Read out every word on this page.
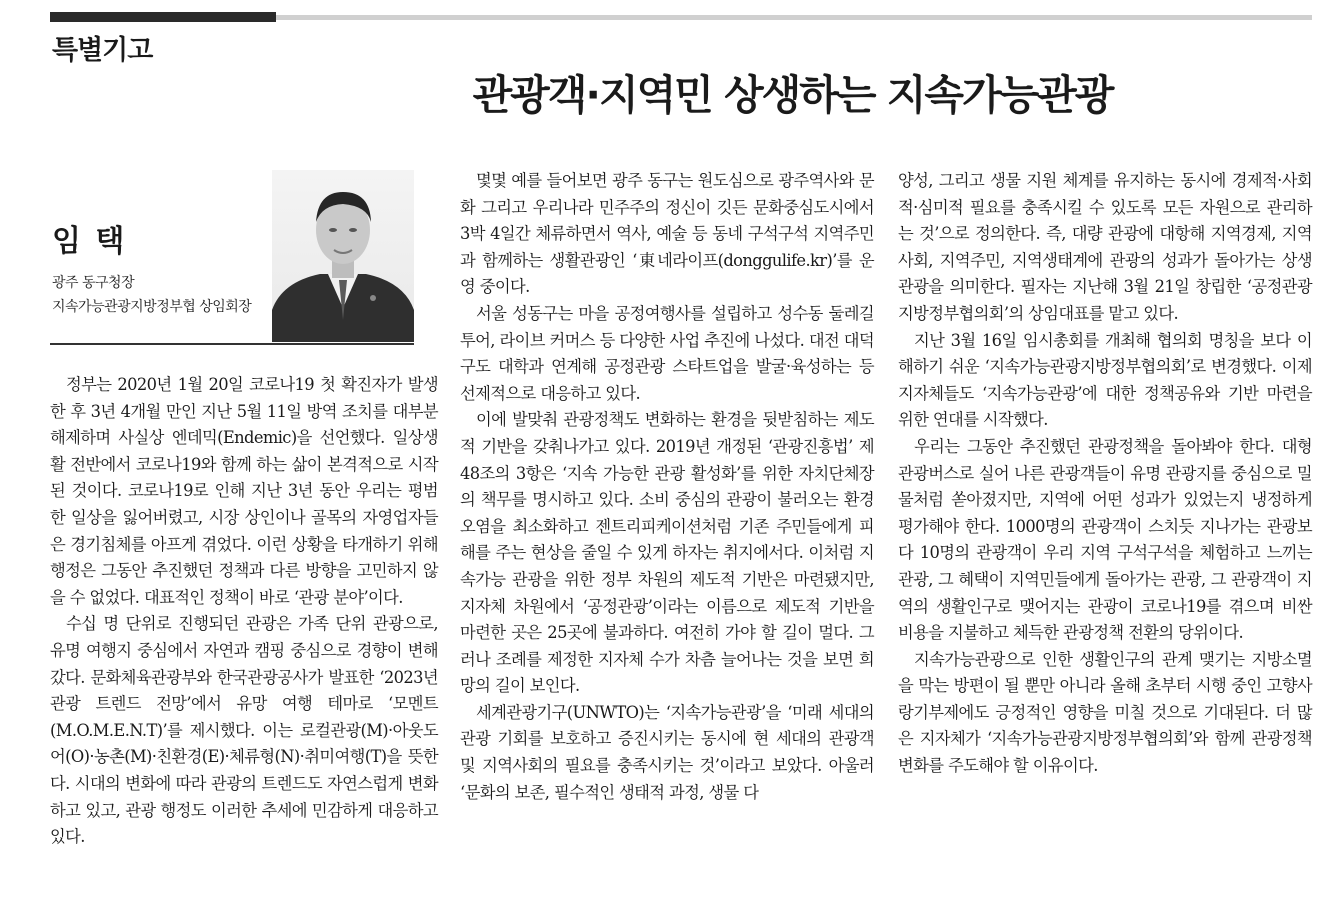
특별기고
관광객·지역민 상생하는 지속가능관광
임 택
광주 동구청장
지속가능관광지방정부협 상임회장

정부는 2020년 1월 20일 코로나19 첫 확진자가 발생한 후 3년 4개월 만인 지난 5월 11일 방역 조치를 대부분 해제하며 사실상 엔데믹(Endemic)을 선언했다. 일상생활 전반에서 코로나19와 함께 하는 삶이 본격적으로 시작된 것이다. 코로나19로 인해 지난 3년 동안 우리는 평범한 일상을 잃어버렸고, 시장 상인이나 골목의 자영업자들은 경기침체를 아프게 겪었다. 이런 상황을 타개하기 위해 행정은 그동안 추진했던 정책과 다른 방향을 고민하지 않을 수 없었다. 대표적인 정책이 바로 ‘관광 분야’이다.

수십 명 단위로 진행되던 관광은 가족 단위 관광으로, 유명 여행지 중심에서 자연과 캠핑 중심으로 경향이 변해갔다. 문화체육관광부와 한국관광공사가 발표한 ‘2023년 관광 트렌드 전망’에서 유망 여행 테마로 ‘모멘트(M.O.M.E.N.T)’를 제시했다. 이는 로컬관광(M)·아웃도어(O)·농촌(M)·친환경(E)·체류형(N)·취미여행(T)을 뜻한다. 시대의 변화에 따라 관광의 트렌드도 자연스럽게 변화하고 있고, 관광 행정도 이러한 추세에 민감하게 대응하고 있다.

몇몇 예를 들어보면 광주 동구는 원도심으로 광주역사와 문화 그리고 우리나라 민주주의 정신이 깃든 문화중심도시에서 3박 4일간 체류하면서 역사, 예술 등 동네 구석구석 지역주민과 함께하는 생활관광인 ‘東네라이프(donggulife.kr)’를 운영 중이다.

서울 성동구는 마을 공정여행사를 설립하고 성수동 둘레길 투어, 라이브 커머스 등 다양한 사업 추진에 나섰다. 대전 대덕구도 대학과 연계해 공정관광 스타트업을 발굴·육성하는 등 선제적으로 대응하고 있다.

이에 발맞춰 관광정책도 변화하는 환경을 뒷받침하는 제도적 기반을 갖춰나가고 있다. 2019년 개정된 ‘관광진흥법’ 제48조의 3항은 ‘지속 가능한 관광 활성화’를 위한 자치단체장의 책무를 명시하고 있다. 소비 중심의 관광이 불러오는 환경오염을 최소화하고 젠트리피케이션처럼 기존 주민들에게 피해를 주는 현상을 줄일 수 있게 하자는 취지에서다. 이처럼 지속가능 관광을 위한 정부 차원의 제도적 기반은 마련됐지만, 지자체 차원에서 ‘공정관광’이라는 이름으로 제도적 기반을 마련한 곳은 25곳에 불과하다. 여전히 가야 할 길이 멀다. 그러나 조례를 제정한 지자체 수가 차츰 늘어나는 것을 보면 희망의 길이 보인다.

세계관광기구(UNWTO)는 ‘지속가능관광’을 ‘미래 세대의 관광 기회를 보호하고 증진시키는 동시에 현 세대의 관광객 및 지역사회의 필요를 충족시키는 것’이라고 보았다. 아울러 ‘문화의 보존, 필수적인 생태적 과정, 생물 다

양성, 그리고 생물 지원 체계를 유지하는 동시에 경제적·사회적·심미적 필요를 충족시킬 수 있도록 모든 자원으로 관리하는 것’으로 정의한다. 즉, 대량 관광에 대항해 지역경제, 지역사회, 지역주민, 지역생태계에 관광의 성과가 돌아가는 상생 관광을 의미한다. 필자는 지난해 3월 21일 창립한 ‘공정관광지방정부협의회’의 상임대표를 맡고 있다.

지난 3월 16일 임시총회를 개최해 협의회 명칭을 보다 이해하기 쉬운 ‘지속가능관광지방정부협의회’로 변경했다. 이제 지자체들도 ‘지속가능관광’에 대한 정책공유와 기반 마련을 위한 연대를 시작했다.

우리는 그동안 추진했던 관광정책을 돌아봐야 한다. 대형 관광버스로 실어 나른 관광객들이 유명 관광지를 중심으로 밀물처럼 쏟아졌지만, 지역에 어떤 성과가 있었는지 냉정하게 평가해야 한다. 1000명의 관광객이 스치듯 지나가는 관광보다 10명의 관광객이 우리 지역 구석구석을 체험하고 느끼는 관광, 그 혜택이 지역민들에게 돌아가는 관광, 그 관광객이 지역의 생활인구로 맺어지는 관광이 코로나19를 겪으며 비싼 비용을 지불하고 체득한 관광정책 전환의 당위이다.

지속가능관광으로 인한 생활인구의 관계 맺기는 지방소멸을 막는 방편이 될 뿐만 아니라 올해 초부터 시행 중인 고향사랑기부제에도 긍정적인 영향을 미칠 것으로 기대된다. 더 많은 지자체가 ‘지속가능관광지방정부협의회’와 함께 관광정책 변화를 주도해야 할 이유이다.
